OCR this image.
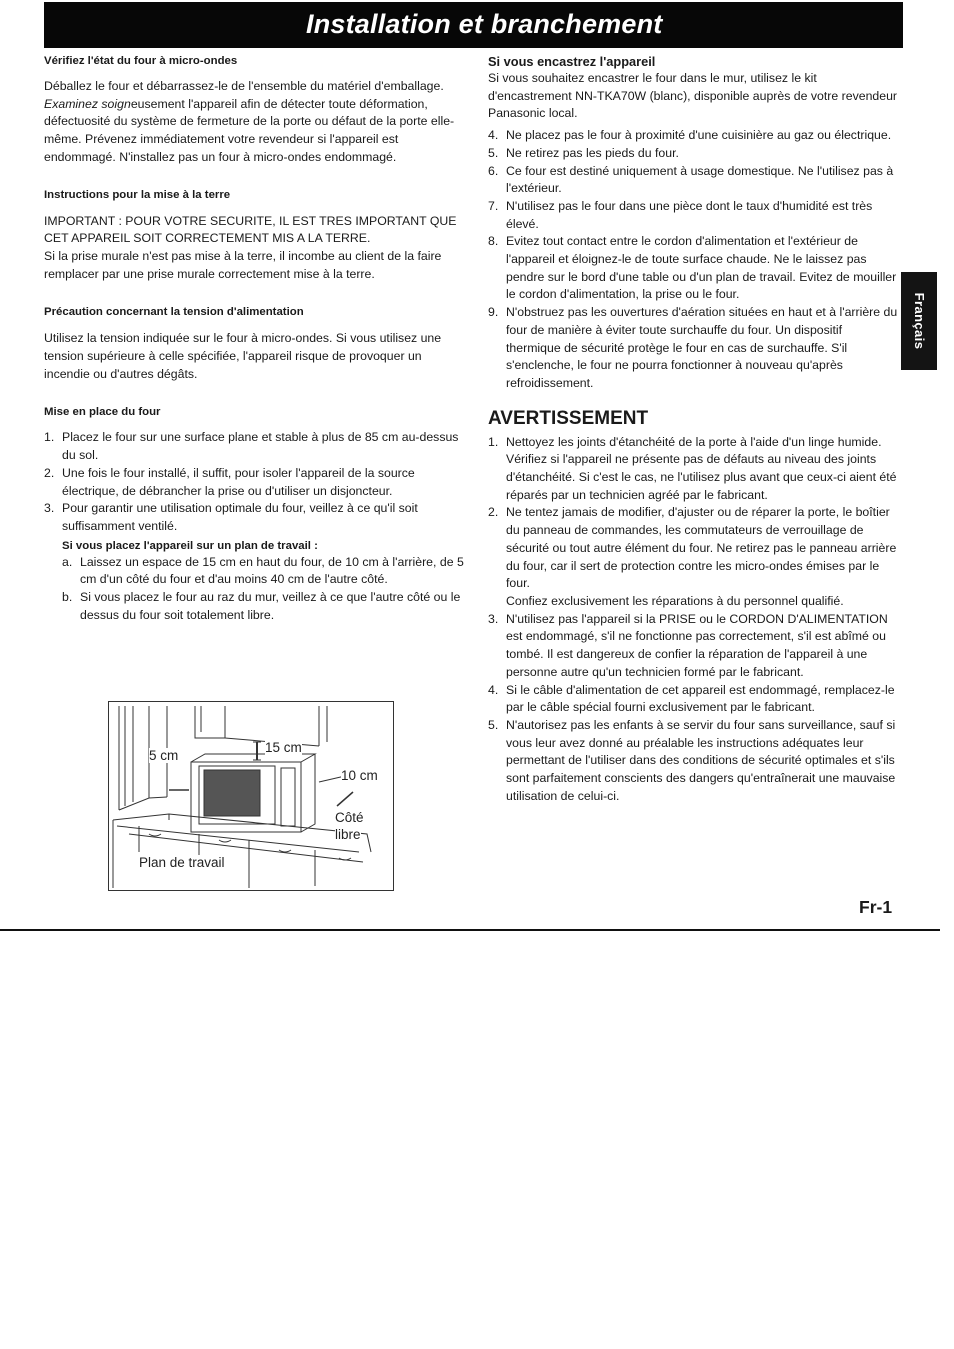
Installation et branchement
Français
Vérifiez l'état du four à micro-ondes

Déballez le four et débarrassez-le de l'ensemble du matériel d'emballage.
Examinez soigneusement l'appareil afin de détecter toute déformation, défectuosité du système de fermeture de la porte ou défaut de la porte elle-même. Prévenez immédiatement votre revendeur si l'appareil est endommagé. N'installez pas un four à micro-ondes endommagé.

Instructions pour la mise à la terre

IMPORTANT : POUR VOTRE SECURITE, IL EST TRES IMPORTANT QUE CET APPAREIL SOIT CORRECTEMENT MIS A LA TERRE.

Si la prise murale n'est pas mise à la terre, il incombe au client de la faire remplacer par une prise murale correctement mise à la terre.

Précaution concernant la tension d'alimentation

Utilisez la tension indiquée sur le four à micro-ondes. Si vous utilisez une tension supérieure à celle spécifiée, l'appareil risque de provoquer un incendie ou d'autres dégâts.

Mise en place du four
1. Placez le four sur une surface plane et stable à plus de 85 cm au-dessus du sol.
2. Une fois le four installé, il suffit, pour isoler l'appareil de la source électrique, de débrancher la prise ou d'utiliser un disjoncteur.
3. Pour garantir une utilisation optimale du four, veillez à ce qu'il soit suffisamment ventilé.
Si vous placez l'appareil sur un plan de travail :
a. Laissez un espace de 15 cm en haut du four, de 10 cm à l'arrière, de 5 cm d'un côté du four et d'au moins 40 cm de l'autre côté.
b. Si vous placez le four au raz du mur, veillez à ce que l'autre côté ou le dessus du four soit totalement libre.
15 cm
5 cm
10 cm
Côté
libre
Plan de travail
Si vous encastrez l'appareil

Si vous souhaitez encastrer le four dans le mur, utilisez le kit d'encastrement NN-TKA70W (blanc), disponible auprès de votre revendeur Panasonic local.

4. Ne placez pas le four à proximité d'une cuisinière au gaz ou électrique.
5. Ne retirez pas les pieds du four.
6. Ce four est destiné uniquement à usage domestique. Ne l'utilisez pas à l'extérieur.
7. N'utilisez pas le four dans une pièce dont le taux d'humidité est très élevé.
8. Evitez tout contact entre le cordon d'alimentation et l'extérieur de l'appareil et éloignez-le de toute surface chaude. Ne le laissez pas pendre sur le bord d'une table ou d'un plan de travail. Evitez de mouiller le cordon d'alimentation, la prise ou le four.
9. N'obstruez pas les ouvertures d'aération situées en haut et à l'arrière du four de manière à éviter toute surchauffe du four. Un dispositif thermique de sécurité protège le four en cas de surchauffe. S'il s'enclenche, le four ne pourra fonctionner à nouveau qu'après refroidissement.
AVERTISSEMENT
1. Nettoyez les joints d'étanchéité de la porte à l'aide d'un linge humide. Vérifiez si l'appareil ne présente pas de défauts au niveau des joints d'étanchéité. Si c'est le cas, ne l'utilisez plus avant que ceux-ci aient été réparés par un technicien agréé par le fabricant.
2. Ne tentez jamais de modifier, d'ajuster ou de réparer la porte, le boîtier du panneau de commandes, les commutateurs de verrouillage de sécurité ou tout autre élément du four. Ne retirez pas le panneau arrière du four, car il sert de protection contre les micro-ondes émises par le four.
Confiez exclusivement les réparations à du personnel qualifié.
3. N'utilisez pas l'appareil si la PRISE ou le CORDON D'ALIMENTATION est endommagé, s'il ne fonctionne pas correctement, s'il est abîmé ou tombé. Il est dangereux de confier la réparation de l'appareil à une personne autre qu'un technicien formé par le fabricant.
4. Si le câble d'alimentation de cet appareil est endommagé, remplacez-le par le câble spécial fourni exclusivement par le fabricant.
5. N'autorisez pas les enfants à se servir du four sans surveillance, sauf si vous leur avez donné au préalable les instructions adéquates leur permettant de l'utiliser dans des conditions de sécurité optimales et s'ils sont parfaitement conscients des dangers qu'entraînerait une mauvaise utilisation de celui-ci.
Fr-1
